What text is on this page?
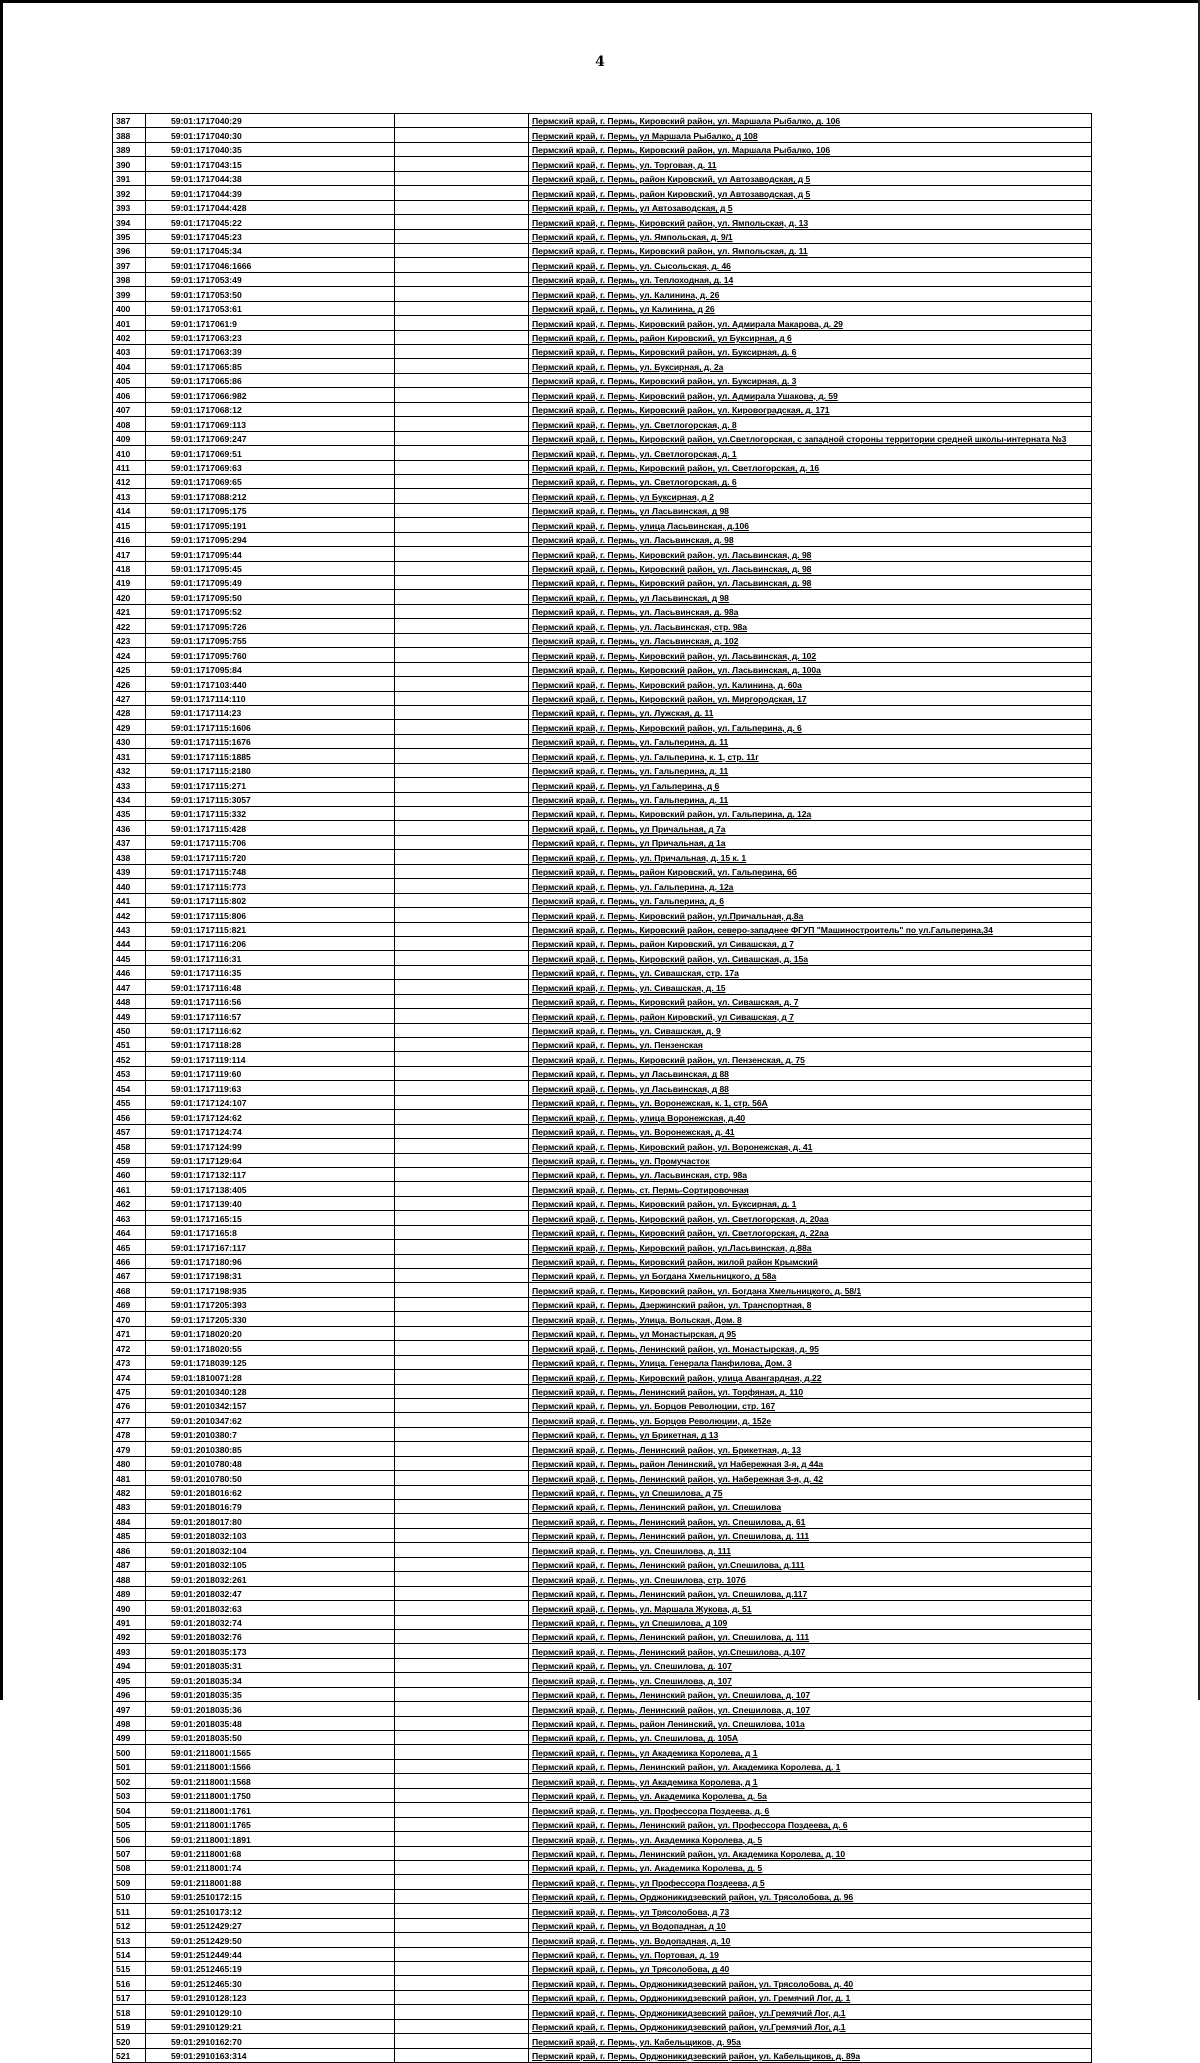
4
387	59:01:1717040:29		Пермский край, г. Пермь, Кировский район, ул. Маршала Рыбалко, д. 106
388	59:01:1717040:30		Пермский край, г. Пермь, ул Маршала Рыбалко, д 108
389	59:01:1717040:35		Пермский край, г. Пермь, Кировский район, ул. Маршала Рыбалко, 106
390	59:01:1717043:15		Пермский край, г. Пермь, ул. Торговая, д. 11
391	59:01:1717044:38		Пермский край, г. Пермь, район Кировский, ул Автозаводская, д 5
392	59:01:1717044:39		Пермский край, г. Пермь, район Кировский, ул Автозаводская, д 5
393	59:01:1717044:428		Пермский край, г. Пермь, ул Автозаводская, д 5
394	59:01:1717045:22		Пермский край, г. Пермь, Кировский район, ул. Ямпольская, д. 13
395	59:01:1717045:23		Пермский край, г. Пермь, ул. Ямпольская, д. 9/1
396	59:01:1717045:34		Пермский край, г. Пермь, Кировский район, ул. Ямпольская, д. 11
397	59:01:1717046:1666		Пермский край, г. Пермь, ул. Сысольская, д. 46
398	59:01:1717053:49		Пермский край, г. Пермь, ул. Теплоходная, д. 14
399	59:01:1717053:50		Пермский край, г. Пермь, ул. Калинина, д. 26
400	59:01:1717053:61		Пермский край, г. Пермь, ул Калинина, д 26
401	59:01:1717061:9		Пермский край, г. Пермь, Кировский район, ул. Адмирала Макарова, д. 29
402	59:01:1717063:23		Пермский край, г. Пермь, район Кировский, ул Буксирная, д 6
403	59:01:1717063:39		Пермский край, г. Пермь, Кировский район, ул. Буксирная, д. 6
404	59:01:1717065:85		Пермский край, г. Пермь, ул. Буксирная, д. 2а
405	59:01:1717065:86		Пермский край, г. Пермь, Кировский район, ул. Буксирная, д. 3
406	59:01:1717066:982		Пермский край, г. Пермь, Кировский район, ул. Адмирала Ушакова, д. 59
407	59:01:1717068:12		Пермский край, г. Пермь, Кировский район, ул. Кировоградская, д. 171
408	59:01:1717069:113		Пермский край, г. Пермь, ул. Светлогорская, д. 8
409	59:01:1717069:247		Пермский край, г. Пермь, Кировский район, ул.Светлогорская, с западной стороны территории средней школы-интерната №3
410	59:01:1717069:51		Пермский край, г. Пермь, ул. Светлогорская, д. 1
411	59:01:1717069:63		Пермский край, г. Пермь, Кировский район, ул. Светлогорская, д. 16
412	59:01:1717069:65		Пермский край, г. Пермь, ул. Светлогорская, д. 6
413	59:01:1717088:212		Пермский край, г. Пермь, ул Буксирная, д 2
414	59:01:1717095:175		Пермский край, г. Пермь, ул Ласьвинская, д 98
415	59:01:1717095:191		Пермский край, г. Пермь, улица Ласьвинская, д.106
416	59:01:1717095:294		Пермский край, г. Пермь, ул. Ласьвинская, д. 98
417	59:01:1717095:44		Пермский край, г. Пермь, Кировский район, ул. Ласьвинская, д. 98
418	59:01:1717095:45		Пермский край, г. Пермь, Кировский район, ул. Ласьвинская, д. 98
419	59:01:1717095:49		Пермский край, г. Пермь, Кировский район, ул. Ласьвинская, д. 98
420	59:01:1717095:50		Пермский край, г. Пермь, ул Ласьвинская, д 98
421	59:01:1717095:52		Пермский край, г. Пермь, ул. Ласьвинская, д. 98а
422	59:01:1717095:726		Пермский край, г. Пермь, ул. Ласьвинская, стр. 98а
423	59:01:1717095:755		Пермский край, г. Пермь, ул. Ласьвинская, д. 102
424	59:01:1717095:760		Пермский край, г. Пермь, Кировский район, ул. Ласьвинская, д. 102
425	59:01:1717095:84		Пермский край, г. Пермь, Кировский район, ул. Ласьвинская, д. 100а
426	59:01:1717103:440		Пермский край, г. Пермь, Кировский район, ул. Калинина, д. 60а
427	59:01:1717114:110		Пермский край, г. Пермь, Кировский район, ул. Миргородская, 17
428	59:01:1717114:23		Пермский край, г. Пермь, ул. Лужская, д. 11
429	59:01:1717115:1606		Пермский край, г. Пермь, Кировский район, ул. Гальперина, д. 6
430	59:01:1717115:1676		Пермский край, г. Пермь, ул. Гальперина, д. 11
431	59:01:1717115:1885		Пермский край, г. Пермь, ул. Гальперина, к. 1, стр. 11г
432	59:01:1717115:2180		Пермский край, г. Пермь, ул. Гальперина, д. 11
433	59:01:1717115:271		Пермский край, г. Пермь, ул Гальперина, д 6
434	59:01:1717115:3057		Пермский край, г. Пермь, ул. Гальперина, д. 11
435	59:01:1717115:332		Пермский край, г. Пермь, Кировский район, ул. Гальперина, д. 12а
436	59:01:1717115:428		Пермский край, г. Пермь, ул Причальная, д 7а
437	59:01:1717115:706		Пермский край, г. Пермь, ул Причальная, д 1а
438	59:01:1717115:720		Пермский край, г. Пермь, ул. Причальная, д. 15 к. 1
439	59:01:1717115:748		Пермский край, г. Пермь, район Кировский, ул. Гальперина, 6б
440	59:01:1717115:773		Пермский край, г. Пермь, ул. Гальперина, д. 12а
441	59:01:1717115:802		Пермский край, г. Пермь, ул. Гальперина, д. 6
442	59:01:1717115:806		Пермский край, г. Пермь, Кировский район, ул.Причальная, д.8а
443	59:01:1717115:821		Пермский край, г. Пермь, Кировский район, северо-западнее ФГУП "Машиностроитель" по ул.Гальперина,34
444	59:01:1717116:206		Пермский край, г. Пермь, район Кировский, ул Сивашская, д 7
445	59:01:1717116:31		Пермский край, г. Пермь, Кировский район, ул. Сивашская, д. 15а
446	59:01:1717116:35		Пермский край, г. Пермь, ул. Сивашская, стр. 17а
447	59:01:1717116:48		Пермский край, г. Пермь, ул. Сивашская, д. 15
448	59:01:1717116:56		Пермский край, г. Пермь, Кировский район, ул. Сивашская, д. 7
449	59:01:1717116:57		Пермский край, г. Пермь, район Кировский, ул Сивашская, д 7
450	59:01:1717116:62		Пермский край, г. Пермь, ул. Сивашская, д. 9
451	59:01:1717118:28		Пермский край, г. Пермь, ул. Пензенская
452	59:01:1717119:114		Пермский край, г. Пермь, Кировский район, ул. Пензенская, д. 75
453	59:01:1717119:60		Пермский край, г. Пермь, ул Ласьвинская, д 88
454	59:01:1717119:63		Пермский край, г. Пермь, ул Ласьвинская, д 88
455	59:01:1717124:107		Пермский край, г. Пермь, ул. Воронежская, к. 1, стр. 56А
456	59:01:1717124:62		Пермский край, г. Пермь, улица Воронежская, д.40
457	59:01:1717124:74		Пермский край, г. Пермь, ул. Воронежская, д. 41
458	59:01:1717124:99		Пермский край, г. Пермь, Кировский район, ул. Воронежская, д. 41
459	59:01:1717129:64		Пермский край, г. Пермь, ул. Промучасток
460	59:01:1717132:117		Пермский край, г. Пермь, ул. Ласьвинская, стр. 98а
461	59:01:1717138:405		Пермский край, г. Пермь, ст. Пермь-Сортировочная
462	59:01:1717139:40		Пермский край, г. Пермь, Кировский район, ул. Буксирная, д. 1
463	59:01:1717165:15		Пермский край, г. Пермь, Кировский район, ул. Светлогорская, д. 20аа
464	59:01:1717165:8		Пермский край, г. Пермь, Кировский район, ул. Светлогорская, д. 22аа
465	59:01:1717167:117		Пермский край, г. Пермь, Кировский район, ул.Ласьвинская, д.88а
466	59:01:1717180:96		Пермский край, г. Пермь, Кировский район, жилой район Крымский
467	59:01:1717198:31		Пермский край, г. Пермь, ул Богдана Хмельницкого, д 58а
468	59:01:1717198:935		Пермский край, г. Пермь, Кировский район, ул. Богдана Хмельницкого, д. 58/1
469	59:01:1717205:393		Пермский край, г. Пермь, Дзержинский район, ул. Транспортная, 8
470	59:01:1717205:330		Пермский край, г. Пермь, Улица. Вольская, Дом. 8
471	59:01:1718020:20		Пермский край, г. Пермь, ул Монастырская, д 95
472	59:01:1718020:55		Пермский край, г. Пермь, Ленинский район, ул. Монастырская, д. 95
473	59:01:1718039:125		Пермский край, г. Пермь, Улица. Генерала Панфилова, Дом. 3
474	59:01:1810071:28		Пермский край, г. Пермь, Кировский район, улица Авангардная, д.22
475	59:01:2010340:128		Пермский край, г. Пермь, Ленинский район, ул. Торфяная, д. 110
476	59:01:2010342:157		Пермский край, г. Пермь, ул. Борцов Революции, стр. 167
477	59:01:2010347:62		Пермский край, г. Пермь, ул. Борцов Революции, д. 152е
478	59:01:2010380:7		Пермский край, г. Пермь, ул Брикетная, д 13
479	59:01:2010380:85		Пермский край, г. Пермь, Ленинский район, ул. Брикетная, д. 13
480	59:01:2010780:48		Пермский край, г. Пермь, район Ленинский, ул Набережная 3-я, д 44а
481	59:01:2010780:50		Пермский край, г. Пермь, Ленинский район, ул. Набережная 3-я, д. 42
482	59:01:2018016:62		Пермский край, г. Пермь, ул Спешилова, д 75
483	59:01:2018016:79		Пермский край, г. Пермь, Ленинский район, ул. Спешилова
484	59:01:2018017:80		Пермский край, г. Пермь, Ленинский район, ул. Спешилова, д. 61
485	59:01:2018032:103		Пермский край, г. Пермь, Ленинский район, ул. Спешилова, д. 111
486	59:01:2018032:104		Пермский край, г. Пермь, ул. Спешилова, д. 111
487	59:01:2018032:105		Пермский край, г. Пермь, Ленинский район, ул.Спешилова, д.111
488	59:01:2018032:261		Пермский край, г. Пермь, ул. Спешилова, стр. 107б
489	59:01:2018032:47		Пермский край, г. Пермь, Ленинский район, ул. Спешилова, д.117
490	59:01:2018032:63		Пермский край, г. Пермь, ул. Маршала Жукова, д. 51
491	59:01:2018032:74		Пермский край, г. Пермь, ул Спешилова, д 109
492	59:01:2018032:76		Пермский край, г. Пермь, Ленинский район, ул. Спешилова, д. 111
493	59:01:2018035:173		Пермский край, г. Пермь, Ленинский район, ул.Спешилова, д.107
494	59:01:2018035:31		Пермский край, г. Пермь, ул. Спешилова, д. 107
495	59:01:2018035:34		Пермский край, г. Пермь, ул. Спешилова, д. 107
496	59:01:2018035:35		Пермский край, г. Пермь, Ленинский район, ул. Спешилова, д. 107
497	59:01:2018035:36		Пермский край, г. Пермь, Ленинский район, ул. Спешилова, д. 107
498	59:01:2018035:48		Пермский край, г. Пермь, район Ленинский, ул. Спешилова, 101а
499	59:01:2018035:50		Пермский край, г. Пермь, ул. Спешилова, д. 105А
500	59:01:2118001:1565		Пермский край, г. Пермь, ул Академика Королева, д 1
501	59:01:2118001:1566		Пермский край, г. Пермь, Ленинский район, ул. Академика Королева, д. 1
502	59:01:2118001:1568		Пермский край, г. Пермь, ул Академика Королева, д 1
503	59:01:2118001:1750		Пермский край, г. Пермь, ул. Академика Королева, д. 5а
504	59:01:2118001:1761		Пермский край, г. Пермь, ул. Профессора Поздеева, д. 6
505	59:01:2118001:1765		Пермский край, г. Пермь, Ленинский район, ул. Профессора Поздеева, д. 6
506	59:01:2118001:1891		Пермский край, г. Пермь, ул. Академика Королева, д. 5
507	59:01:2118001:68		Пермский край, г. Пермь, Ленинский район, ул. Академика Королева, д. 10
508	59:01:2118001:74		Пермский край, г. Пермь, ул. Академика Королева, д. 5
509	59:01:2118001:88		Пермский край, г. Пермь, ул Профессора Поздеева, д 5
510	59:01:2510172:15		Пермский край, г. Пермь, Орджоникидзевский район, ул. Трясолобова, д. 96
511	59:01:2510173:12		Пермский край, г. Пермь, ул Трясолобова, д 73
512	59:01:2512429:27		Пермский край, г. Пермь, ул Водопадная, д 10
513	59:01:2512429:50		Пермский край, г. Пермь, ул. Водопадная, д. 10
514	59:01:2512449:44		Пермский край, г. Пермь, ул. Портовая, д. 19
515	59:01:2512465:19		Пермский край, г. Пермь, ул Трясолобова, д 40
516	59:01:2512465:30		Пермский край, г. Пермь, Орджоникидзевский район, ул. Трясолобова, д. 40
517	59:01:2910128:123		Пермский край, г. Пермь, Орджоникидзевский район, ул. Гремячий Лог, д. 1
518	59:01:2910129:10		Пермский край, г. Пермь, Орджоникидзевский район, ул.Гремячий Лог, д.1
519	59:01:2910129:21		Пермский край, г. Пермь, Орджоникидзевский район, ул.Гремячий Лог, д.1
520	59:01:2910162:70		Пермский край, г. Пермь, ул. Кабельщиков, д. 95а
521	59:01:2910163:314		Пермский край, г. Пермь, Орджоникидзевский район, ул. Кабельщиков, д. 89а
